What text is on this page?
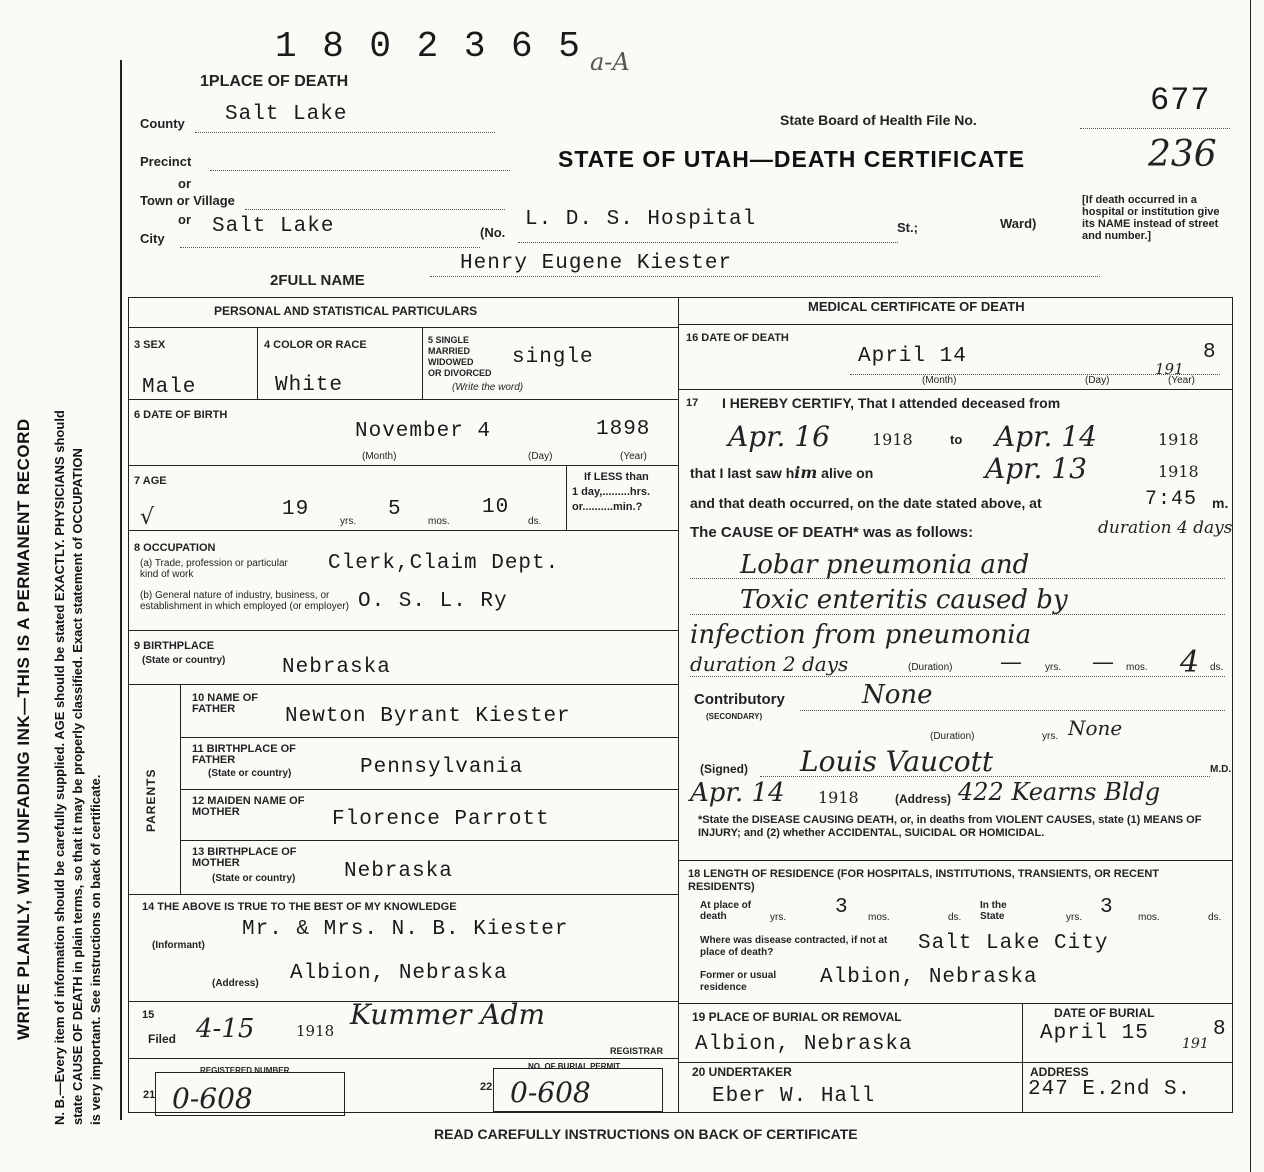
WRITE PLAINLY, WITH UNFADING INK—THIS IS A PERMANENT RECORD N. B.—Every item of information should be carefully supplied. AGE should be stated EXACTLY. PHYSICIANS should state CAUSE OF DEATH in plain terms, so that it may be properly classified. Exact statement of OCCUPATION is very important. See instructions on back of certificate.
1 8 0 2 3 6 5 a-A
1PLACE OF DEATH
County Salt Lake	State Board of Health File No.
677
Precinct
or
STATE OF UTAH—DEATH CERTIFICATE	236
Town or Village
or
[If death occurred in a hospital or institution give its NAME instead of street and number.]
City
Salt Lake	(No.
L. D. S. Hospital	St.;	Ward)
2FULL NAME
Henry Eugene Kiester
PERSONAL AND STATISTICAL PARTICULARS
3 SEX
Male
4 COLOR OR RACE
White
5 SINGLE
MARRIED
WIDOWED
OR DIVORCED
(Write the word)
single
6 DATE OF BIRTH
November 4	1898
(Month)	(Day)	(Year)
7 AGE
√	19
yrs.
5
mos.
10
ds.
If LESS than
1 day,.........hrs.
or..........min.?
8 OCCUPATION
(a) Trade, profession or particular kind of work	Clerk,Claim Dept.
(b) General nature of industry, business, or establishment in which employed (or employer) O. S. L. Ry
9 BIRTHPLACE
(State or country)	Nebraska
PARENTS
10 NAME OF FATHER	Newton Byrant Kiester
11 BIRTHPLACE OF FATHER
(State or country)	Pennsylvania
12 MAIDEN NAME OF MOTHER	Florence Parrott
13 BIRTHPLACE OF MOTHER
(State or country) Nebraska
14 THE ABOVE IS TRUE TO THE BEST OF MY KNOWLEDGE
(Informant)
Mr. & Mrs. N. B. Kiester
(Address) Albion, Nebraska
15
Filed 4-15	1918 Kummer Adm
REGISTRAR
21
REGISTERED NUMBER
0-608	22
NO. OF BURIAL PERMIT
0-608
MEDICAL CERTIFICATE OF DEATH
16 DATE OF DEATH
April 14
191
8
(Month)	(Day)	(Year)
17 I HEREBY CERTIFY, That I attended deceased from
Apr. 16	1918	to Apr. 14	1918
that I last saw him alive on	Apr. 13	1918
and that death occurred, on the date stated above, at	7:45 m.
The CAUSE OF DEATH* was as follows:	duration 4 days
Lobar pneumonia and
Toxic enteritis caused by
infection from pneumonia
duration 2 days	(Duration) — yrs. — mos. 4 ds.
Contributory
(SECONDARY)
None
(Duration)	yrs. None
(Signed) Louis Vaucott	M.D.
Apr. 14 1918	(Address) 422 Kearns Bldg
*State the DISEASE CAUSING DEATH, or, in deaths from VIOLENT CAUSES, state (1) MEANS OF INJURY; and (2) whether ACCIDENTAL, SUICIDAL OR HOMICIDAL.
18 LENGTH OF RESIDENCE (FOR HOSPITALS, INSTITUTIONS, TRANSIENTS, OR RECENT RESIDENTS)
At place of death	yrs. 3 mos.	ds.
In the State	yrs. 3 mos.	ds.
Where was disease contracted, if not at place of death?	Salt Lake City
Former or usual residence	Albion, Nebraska
19 PLACE OF BURIAL OR REMOVAL
Albion, Nebraska
DATE OF BURIAL
April 15 191
8
20 UNDERTAKER
Eber W. Hall
ADDRESS
247 E.2nd S.
READ CAREFULLY INSTRUCTIONS ON BACK OF CERTIFICATE
